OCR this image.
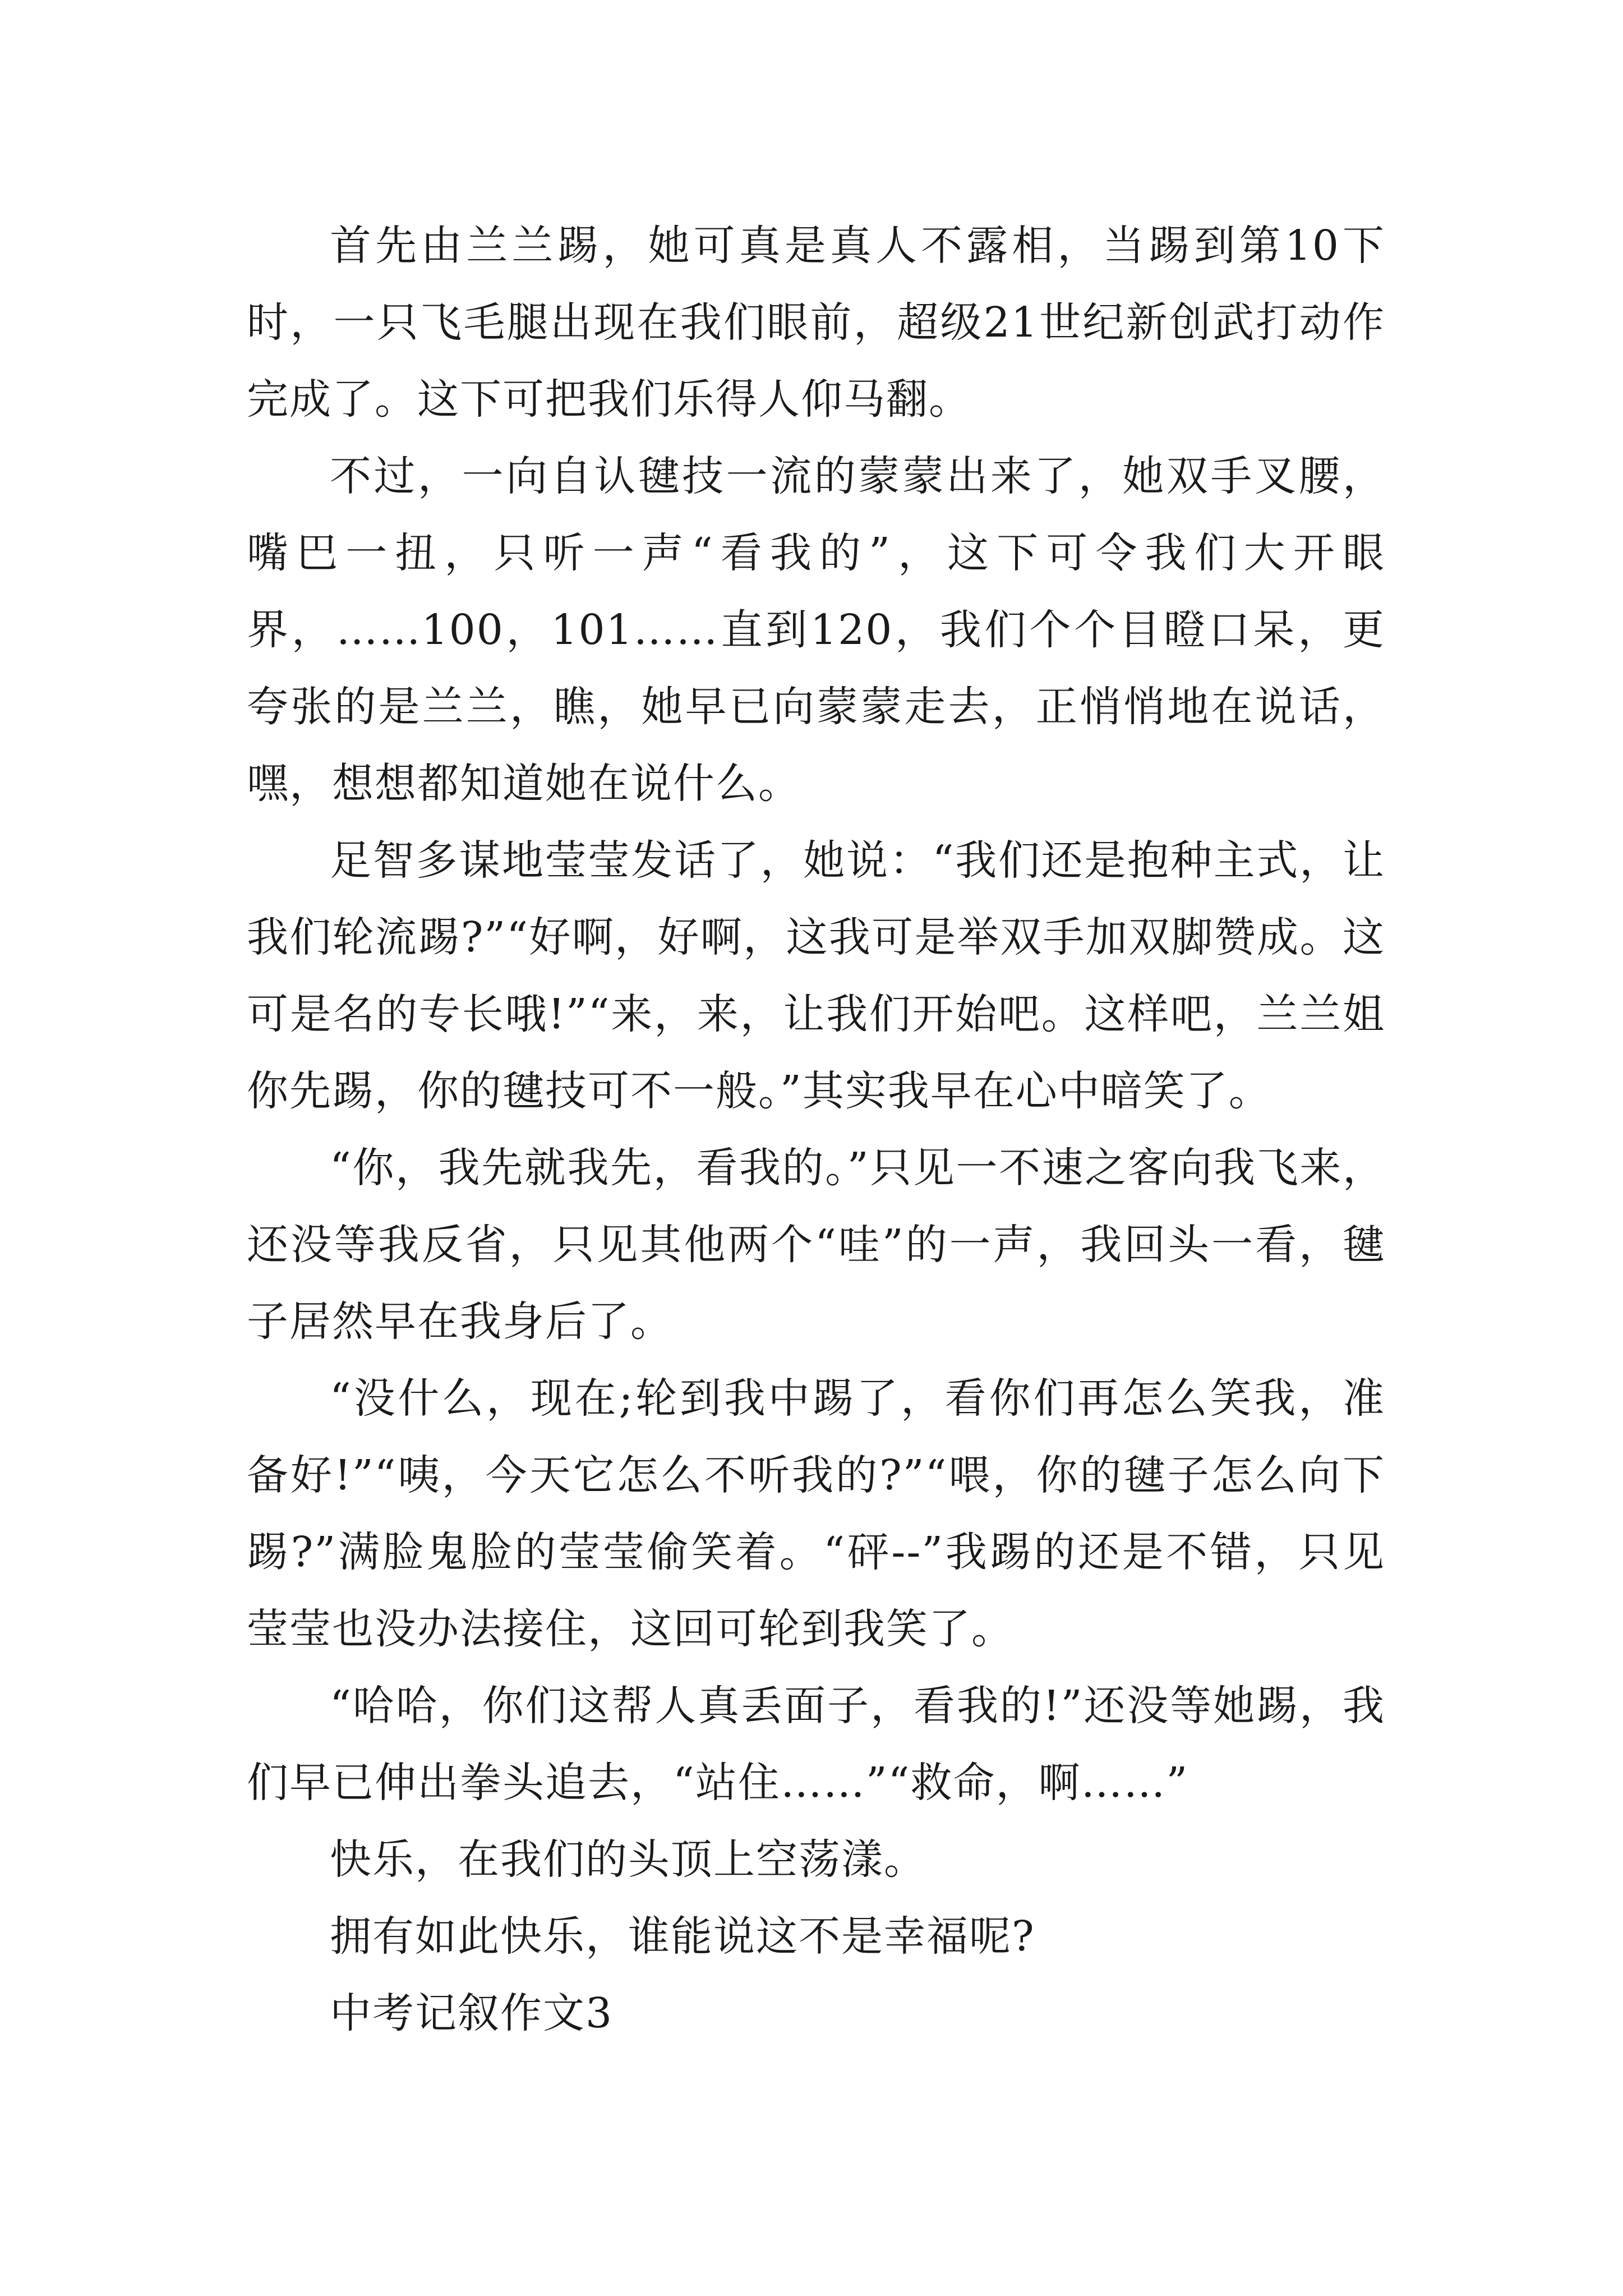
首先由兰兰踢，她可真是真人不露相，当踢到第10下时，一只飞毛腿出现在我们眼前，超级21世纪新创武打动作完成了。这下可把我们乐得人仰马翻。

不过，一向自认毽技一流的蒙蒙出来了，她双手叉腰，嘴巴一扭，只听一声“看我的”，这下可令我们大开眼界，……100，101……直到120，我们个个目瞪口呆，更夸张的是兰兰，瞧，她早已向蒙蒙走去，正悄悄地在说话，嘿，想想都知道她在说什么。

足智多谋地莹莹发话了，她说：“我们还是抱种主式，让我们轮流踢?”“好啊，好啊，这我可是举双手加双脚赞成。这可是名的专长哦!”“来，来，让我们开始吧。这样吧，兰兰姐你先踢，你的毽技可不一般。”其实我早在心中暗笑了。

“你，我先就我先，看我的。”只见一不速之客向我飞来，还没等我反省，只见其他两个“哇”的一声，我回头一看，毽子居然早在我身后了。

“没什么，现在;轮到我中踢了，看你们再怎么笑我，准备好!”“咦，今天它怎么不听我的?”“喂，你的毽子怎么向下踢?”满脸鬼脸的莹莹偷笑着。“砰--”我踢的还是不错，只见莹莹也没办法接住，这回可轮到我笑了。

“哈哈，你们这帮人真丢面子，看我的!”还没等她踢，我们早已伸出拳头追去，“站住……”“救命，啊……”

快乐，在我们的头顶上空荡漾。

拥有如此快乐，谁能说这不是幸福呢?

中考记叙作文3
